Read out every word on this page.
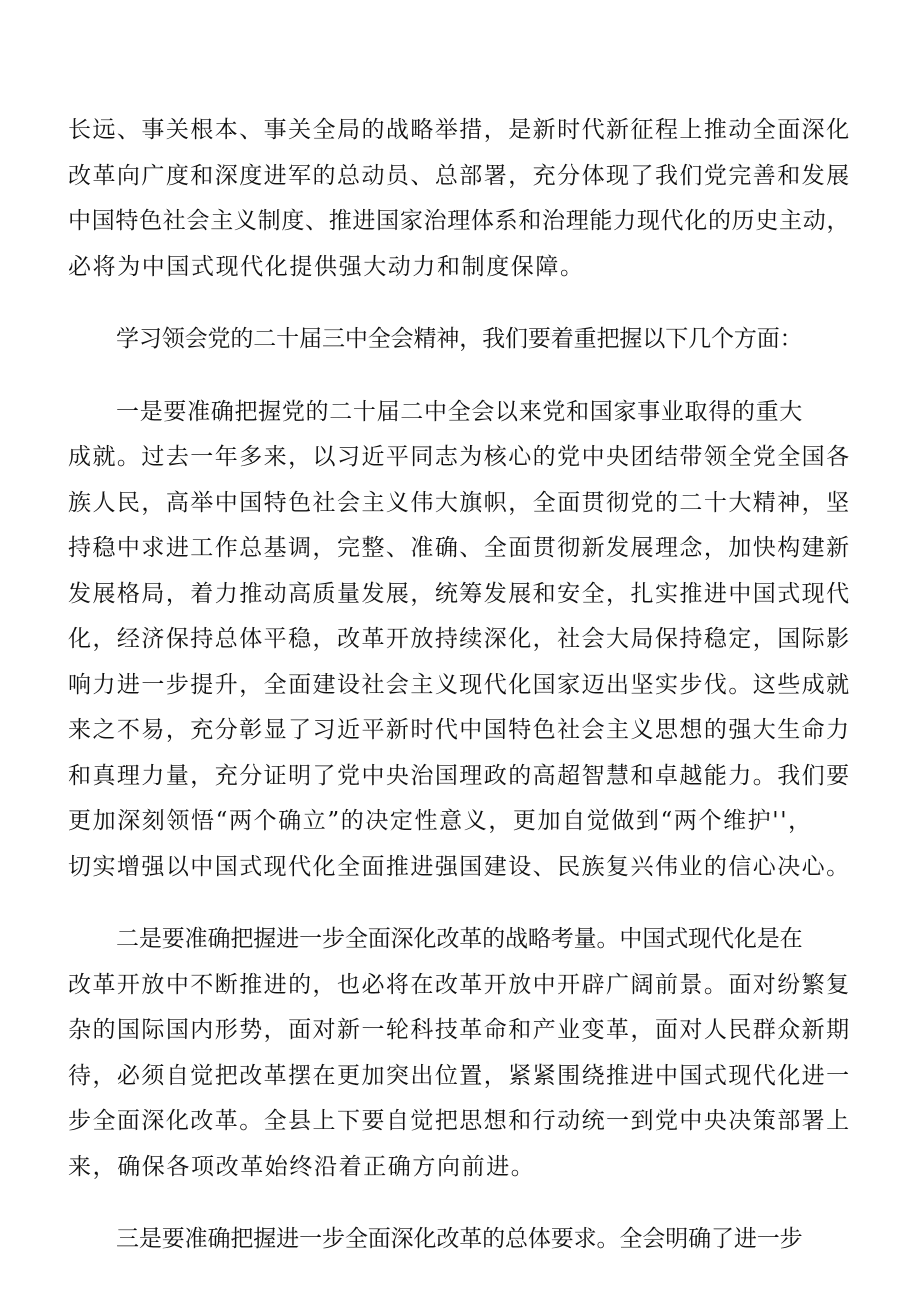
长远、事关根本、事关全局的战略举措，是新时代新征程上推动全面深化
改革向广度和深度进军的总动员、总部署，充分体现了我们党完善和发展
中国特色社会主义制度、推进国家治理体系和治理能力现代化的历史主动，
必将为中国式现代化提供强大动力和制度保障。

学习领会党的二十届三中全会精神，我们要着重把握以下几个方面：

一是要准确把握党的二十届二中全会以来党和国家事业取得的重大
成就。过去一年多来，以习近平同志为核心的党中央团结带领全党全国各
族人民，高举中国特色社会主义伟大旗帜，全面贯彻党的二十大精神，坚
持稳中求进工作总基调，完整、准确、全面贯彻新发展理念，加快构建新
发展格局，着力推动高质量发展，统筹发展和安全，扎实推进中国式现代
化，经济保持总体平稳，改革开放持续深化，社会大局保持稳定，国际影
响力进一步提升，全面建设社会主义现代化国家迈出坚实步伐。这些成就
来之不易，充分彰显了习近平新时代中国特色社会主义思想的强大生命力
和真理力量，充分证明了党中央治国理政的高超智慧和卓越能力。我们要
更加深刻领悟“两个确立”的决定性意义，更加自觉做到“两个维护''，
切实增强以中国式现代化全面推进强国建设、民族复兴伟业的信心决心。

二是要准确把握进一步全面深化改革的战略考量。中国式现代化是在
改革开放中不断推进的，也必将在改革开放中开辟广阔前景。面对纷繁复
杂的国际国内形势，面对新一轮科技革命和产业变革，面对人民群众新期
待，必须自觉把改革摆在更加突出位置，紧紧围绕推进中国式现代化进一
步全面深化改革。全县上下要自觉把思想和行动统一到党中央决策部署上
来，确保各项改革始终沿着正确方向前进。

三是要准确把握进一步全面深化改革的总体要求。全会明确了进一步
